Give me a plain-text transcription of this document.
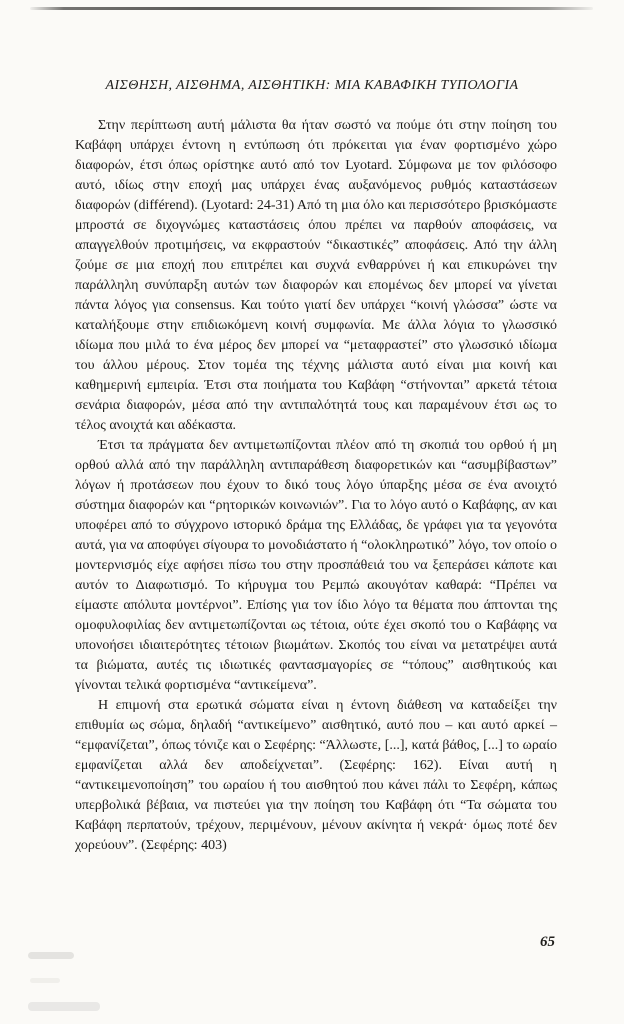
ΑΙΣΘΗΣΗ, ΑΙΣΘΗΜΑ, ΑΙΣΘΗΤΙΚΗ: ΜΙΑ ΚΑΒΑΦΙΚΗ ΤΥΠΟΛΟΓΙΑ

Στην περίπτωση αυτή μάλιστα θα ήταν σωστό να πούμε ότι στην ποίηση του Καβάφη υπάρχει έντονη η εντύπωση ότι πρόκειται για έναν φορτισμένο χώρο διαφορών, έτσι όπως ορίστηκε αυτό από τον Lyotard. Σύμφωνα με τον φιλόσοφο αυτό, ιδίως στην εποχή μας υπάρχει ένας αυξανόμενος ρυθμός καταστάσεων διαφορών (différend). (Lyotard: 24-31) Από τη μια όλο και περισσότερο βρισκόμαστε μπροστά σε διχογνώμες καταστάσεις όπου πρέπει να παρθούν αποφάσεις, να απαγγελθούν προτιμήσεις, να εκφραστούν “δικαστικές” αποφάσεις. Από την άλλη ζούμε σε μια εποχή που επιτρέπει και συχνά ενθαρρύνει ή και επικυρώνει την παράλληλη συνύπαρξη αυτών των διαφορών και επομένως δεν μπορεί να γίνεται πάντα λόγος για consensus. Και τούτο γιατί δεν υπάρχει “κοινή γλώσσα” ώστε να καταλήξουμε στην επιδιωκόμενη κοινή συμφωνία. Με άλλα λόγια το γλωσσικό ιδίωμα που μιλά το ένα μέρος δεν μπορεί να “μεταφραστεί” στο γλωσσικό ιδίωμα του άλλου μέρους. Στον τομέα της τέχνης μάλιστα αυτό είναι μια κοινή και καθημερινή εμπειρία. Έτσι στα ποιήματα του Καβάφη “στήνονται” αρκετά τέτοια σενάρια διαφορών, μέσα από την αντιπαλότητά τους και παραμένουν έτσι ως το τέλος ανοιχτά και αδέκαστα.

Έτσι τα πράγματα δεν αντιμετωπίζονται πλέον από τη σκοπιά του ορθού ή μη ορθού αλλά από την παράλληλη αντιπαράθεση διαφορετικών και “ασυμβίβαστων” λόγων ή προτάσεων που έχουν το δικό τους λόγο ύπαρξης μέσα σε ένα ανοιχτό σύστημα διαφορών και “ρητορικών κοινωνιών”. Για το λόγο αυτό ο Καβάφης, αν και υποφέρει από το σύγχρονο ιστορικό δράμα της Ελλάδας, δε γράφει για τα γεγονότα αυτά, για να αποφύγει σίγουρα το μονοδιάστατο ή “ολοκληρωτικό” λόγο, τον οποίο ο μοντερνισμός είχε αφήσει πίσω του στην προσπάθειά του να ξεπεράσει κάποτε και αυτόν το Διαφωτισμό. Το κήρυγμα του Ρεμπώ ακουγόταν καθαρά: “Πρέπει να είμαστε απόλυτα μοντέρνοι”. Επίσης για τον ίδιο λόγο τα θέματα που άπτονται της ομοφυλοφιλίας δεν αντιμετωπίζονται ως τέτοια, ούτε έχει σκοπό του ο Καβάφης να υπονοήσει ιδιαιτερότητες τέτοιων βιωμάτων. Σκοπός του είναι να μετατρέψει αυτά τα βιώματα, αυτές τις ιδιωτικές φαντασμαγορίες σε “τόπους” αισθητικούς και γίνονται τελικά φορτισμένα “αντικείμενα”.

Η επιμονή στα ερωτικά σώματα είναι η έντονη διάθεση να καταδείξει την επιθυμία ως σώμα, δηλαδή “αντικείμενο” αισθητικό, αυτό που – και αυτό αρκεί – “εμφανίζεται”, όπως τόνιζε και ο Σεφέρης: “Άλλωστε, [...], κατά βάθος, [...] το ωραίο εμφανίζεται αλλά δεν αποδείχνεται”. (Σεφέρης: 162). Είναι αυτή η “αντικειμενοποίηση” του ωραίου ή του αισθητού που κάνει πάλι το Σεφέρη, κάπως υπερβολικά βέβαια, να πιστεύει για την ποίηση του Καβάφη ότι “Τα σώματα του Καβάφη περπατούν, τρέχουν, περιμένουν, μένουν ακίνητα ή νεκρά· όμως ποτέ δεν χορεύουν”. (Σεφέρης: 403)

65
